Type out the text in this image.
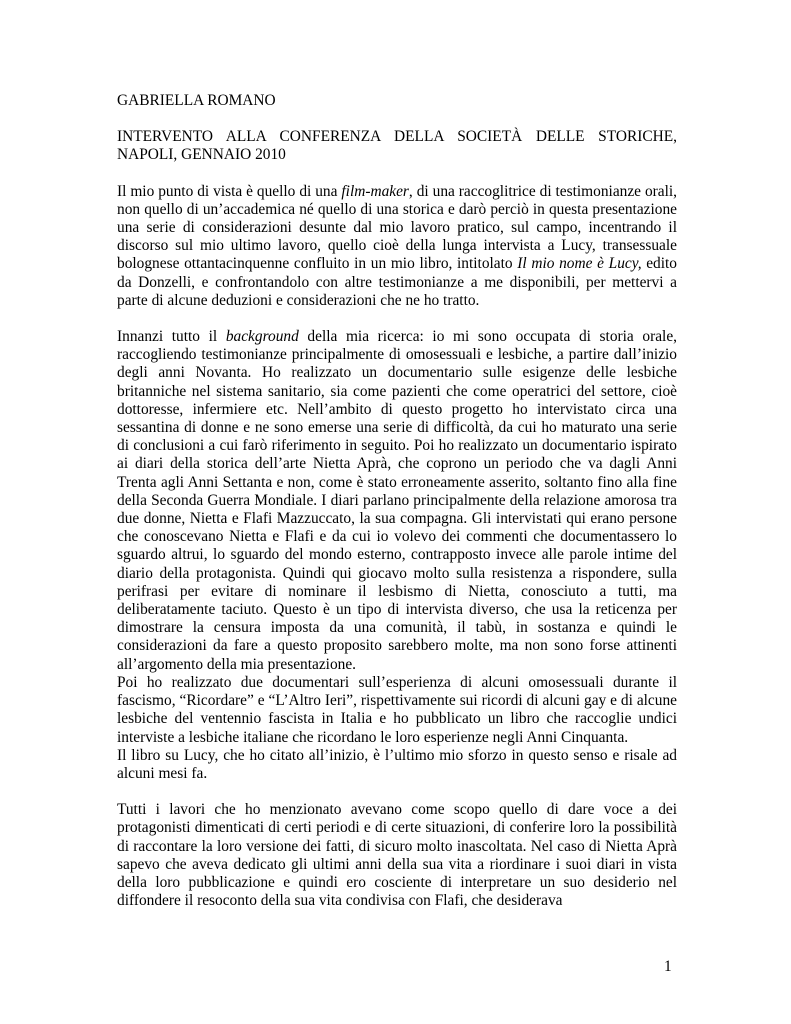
GABRIELLA ROMANO

INTERVENTO ALLA CONFERENZA DELLA SOCIETÀ DELLE STORICHE, NAPOLI, GENNAIO 2010

Il mio punto di vista è quello di una film-maker, di una raccoglitrice di testimonianze orali, non quello di un’accademica né quello di una storica e darò perciò in questa presentazione una serie di considerazioni desunte dal mio lavoro pratico, sul campo, incentrando il discorso sul mio ultimo lavoro, quello cioè della lunga intervista a Lucy, transessuale bolognese ottantacinquenne confluito in un mio libro, intitolato Il mio nome è Lucy, edito da Donzelli, e confrontandolo con altre testimonianze a me disponibili, per mettervi a parte di alcune deduzioni e considerazioni che ne ho tratto.

Innanzi tutto il background della mia ricerca: io mi sono occupata di storia orale, raccogliendo testimonianze principalmente di omosessuali e lesbiche, a partire dall’inizio degli anni Novanta. Ho realizzato un documentario sulle esigenze delle lesbiche britanniche nel sistema sanitario, sia come pazienti che come operatrici del settore, cioè dottoresse, infermiere etc. Nell’ambito di questo progetto ho intervistato circa una sessantina di donne e ne sono emerse una serie di difficoltà, da cui ho maturato una serie di conclusioni a cui farò riferimento in seguito. Poi ho realizzato un documentario ispirato ai diari della storica dell’arte Nietta Aprà, che coprono un periodo che va dagli Anni Trenta agli Anni Settanta e non, come è stato erroneamente asserito, soltanto fino alla fine della Seconda Guerra Mondiale. I diari parlano principalmente della relazione amorosa tra due donne, Nietta e Flafi Mazzuccato, la sua compagna. Gli intervistati qui erano persone che conoscevano Nietta e Flafi e da cui io volevo dei commenti che documentassero lo sguardo altrui, lo sguardo del mondo esterno, contrapposto invece alle parole intime del diario della protagonista. Quindi qui giocavo molto sulla resistenza a rispondere, sulla perifrasi per evitare di nominare il lesbismo di Nietta, conosciuto a tutti, ma deliberatamente taciuto. Questo è un tipo di intervista diverso, che usa la reticenza per dimostrare la censura imposta da una comunità, il tabù, in sostanza e quindi le considerazioni da fare a questo proposito sarebbero molte, ma non sono forse attinenti all’argomento della mia presentazione.

Poi ho realizzato due documentari sull’esperienza di alcuni omosessuali durante il fascismo, “Ricordare” e “L’Altro Ieri”, rispettivamente sui ricordi di alcuni gay e di alcune lesbiche del ventennio fascista in Italia e ho pubblicato un libro che raccoglie undici interviste a lesbiche italiane che ricordano le loro esperienze negli Anni Cinquanta.

Il libro su Lucy, che ho citato all’inizio, è l’ultimo mio sforzo in questo senso e risale ad alcuni mesi fa.

Tutti i lavori che ho menzionato avevano come scopo quello di dare voce a dei protagonisti dimenticati di certi periodi e di certe situazioni, di conferire loro la possibilità di raccontare la loro versione dei fatti, di sicuro molto inascoltata. Nel caso di Nietta Aprà sapevo che aveva dedicato gli ultimi anni della sua vita a riordinare i suoi diari in vista della loro pubblicazione e quindi ero cosciente di interpretare un suo desiderio nel diffondere il resoconto della sua vita condivisa con Flafi, che desiderava

1
